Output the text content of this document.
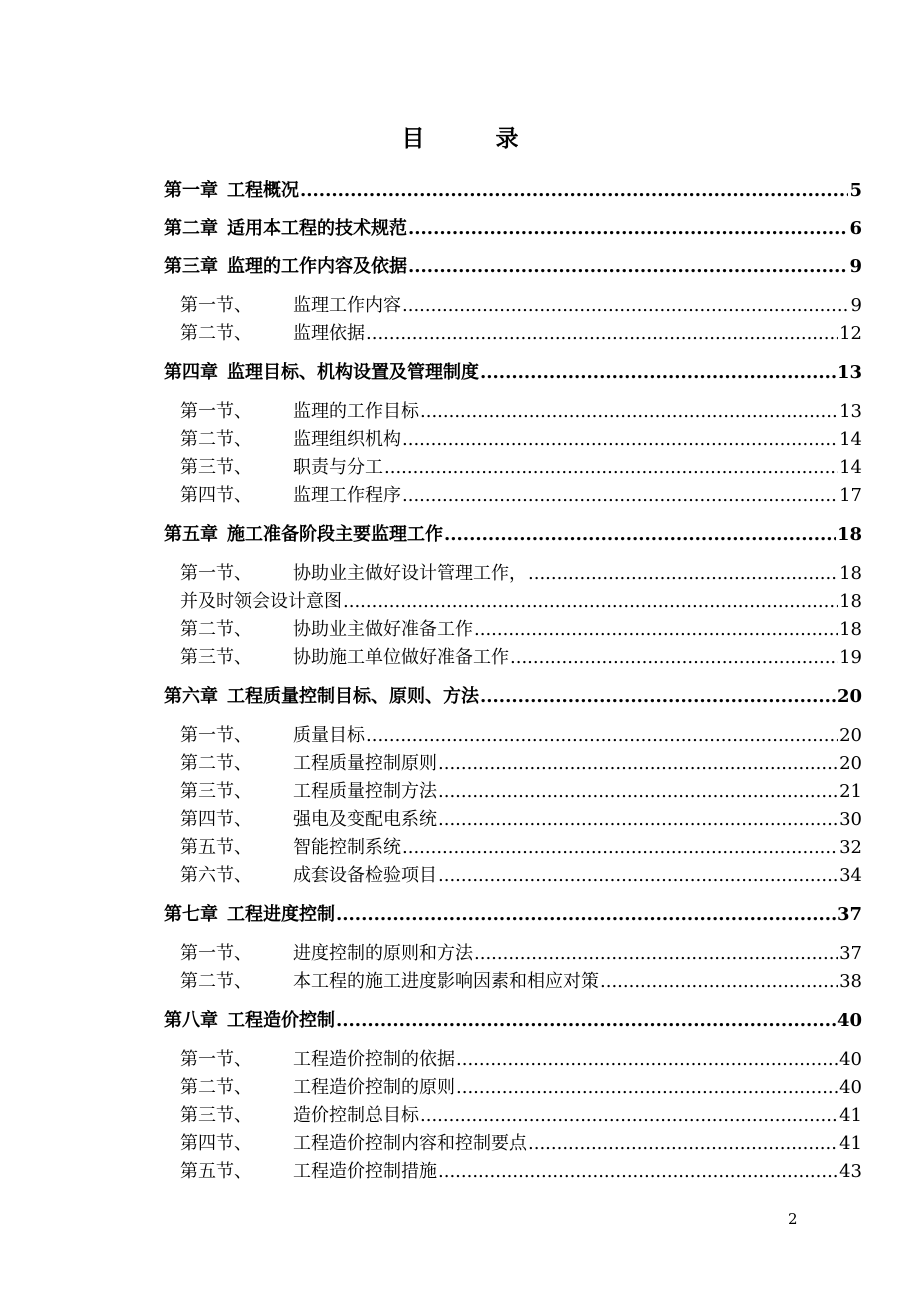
目　录
第一章  工程概况 .....	5
第二章  适用本工程的技术规范 .....	6
第三章  监理的工作内容及依据 .....	9
第一节、 监理工作内容 .....	9
第二节、 监理依据 .....	12
第四章  监理目标、机构设置及管理制度 .....	13
第一节、 监理的工作目标 .....	13
第二节、 监理组织机构 .....	14
第三节、 职责与分工 .....	14
第四节、 监理工作程序 .....	17
第五章  施工准备阶段主要监理工作 .....	18
第一节、 协助业主做好设计管理工作， .....	18
并及时领会设计意图 .....	18
第二节、 协助业主做好准备工作 .....	18
第三节、 协助施工单位做好准备工作 .....	19
第六章  工程质量控制目标、原则、方法 .....	20
第一节、 质量目标 .....	20
第二节、 工程质量控制原则 .....	20
第三节、 工程质量控制方法 .....	21
第四节、 强电及变配电系统 .....	30
第五节、 智能控制系统 .....	32
第六节、 成套设备检验项目 .....	34
第七章  工程进度控制 .....	37
第一节、 进度控制的原则和方法 .....	37
第二节、 本工程的施工进度影响因素和相应对策 .....	38
第八章  工程造价控制 .....	40
第一节、 工程造价控制的依据 .....	40
第二节、 工程造价控制的原则 .....	40
第三节、 造价控制总目标 .....	41
第四节、 工程造价控制内容和控制要点 .....	41
第五节、 工程造价控制措施 .....	43
2
